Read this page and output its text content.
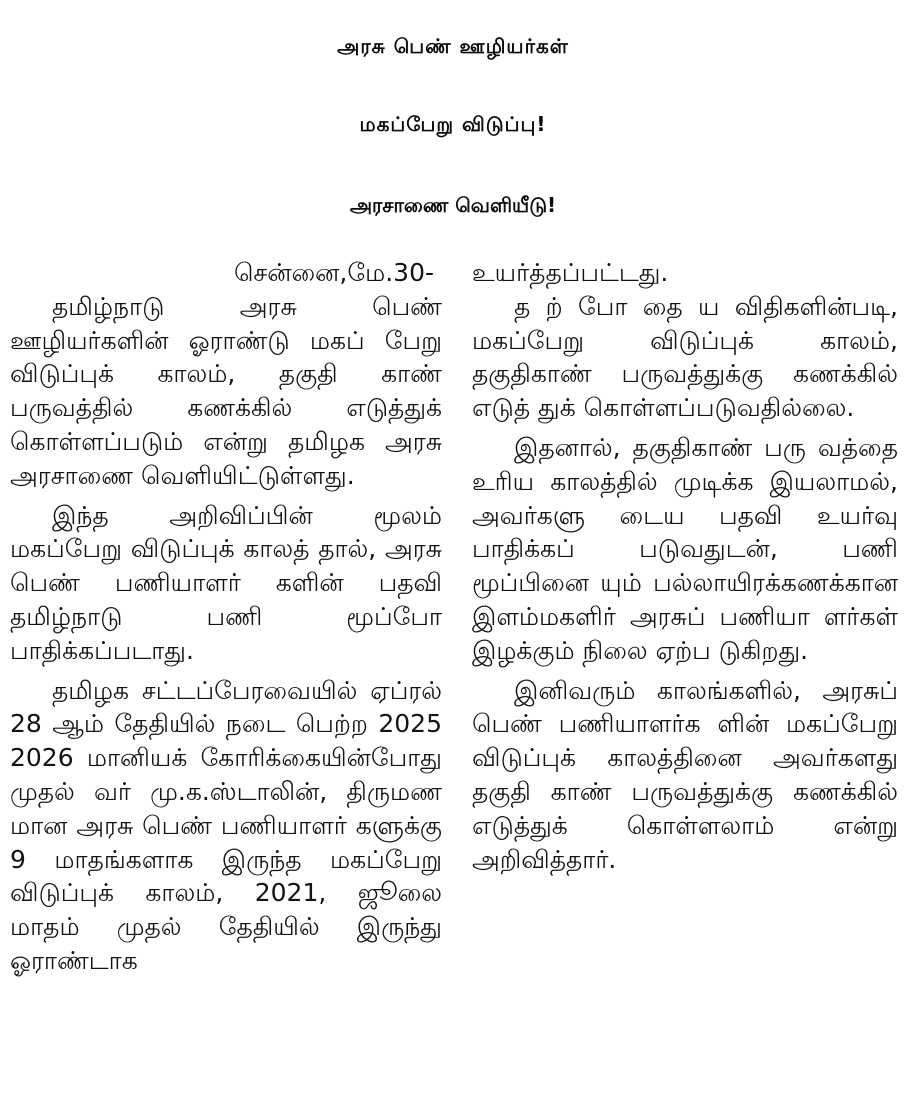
அரசு பெண் ஊழியர்கள்
மகப்பேறு விடுப்பு!
அரசாணை வெளியீடு!

சென்னை,மே.30-

தமிழ்நாடு அரசு பெண் ஊழியர்களின் ஓராண்டு மகப் பேறு விடுப்புக் காலம், தகுதி காண் பருவத்தில் கணக்கில் எடுத்துக் கொள்ளப்படும் என்று தமிழக அரசு அரசாணை வெளியிட்டுள்ளது.

இந்த அறிவிப்பின் மூலம் மகப்பேறு விடுப்புக் காலத் தால், அரசு பெண் பணியாளர் களின் பதவி தமிழ்நாடு பணி மூப்போ பாதிக்கப்படாது.

தமிழக சட்டப்பேரவையில் ஏப்ரல் 28 ஆம் தேதியில் நடை பெற்ற 2025 2026 மானியக் கோரிக்கையின்போது முதல் வர் மு.க.ஸ்டாலின், திருமண மான அரசு பெண் பணியாளர் களுக்கு 9 மாதங்களாக இருந்த மகப்பேறு விடுப்புக் காலம், 2021, ஜூலை மாதம் முதல் தேதியில் இருந்து ஓராண்டாக

உயர்த்தப்பட்டது.

த ற் போ தை ய விதிகளின்படி, மகப்பேறு விடுப்புக் காலம், தகுதிகாண் பருவத்துக்கு கணக்கில் எடுத் துக் கொள்ளப்படுவதில்லை.

இதனால், தகுதிகாண் பரு வத்தை உரிய காலத்தில் முடிக்க இயலாமல், அவர்களு டைய பதவி உயர்வு பாதிக்கப் படுவதுடன், பணி மூப்பினை யும் பல்லாயிரக்கணக்கான இளம்மகளிர் அரசுப் பணியா ளர்கள் இழக்கும் நிலை ஏற்ப டுகிறது.

இனிவரும் காலங்களில், அரசுப் பெண் பணியாளர்க ளின் மகப்பேறு விடுப்புக் காலத்தினை அவர்களது தகுதி காண் பருவத்துக்கு கணக்கில் எடுத்துக் கொள்ளலாம் என்று அறிவித்தார்.
